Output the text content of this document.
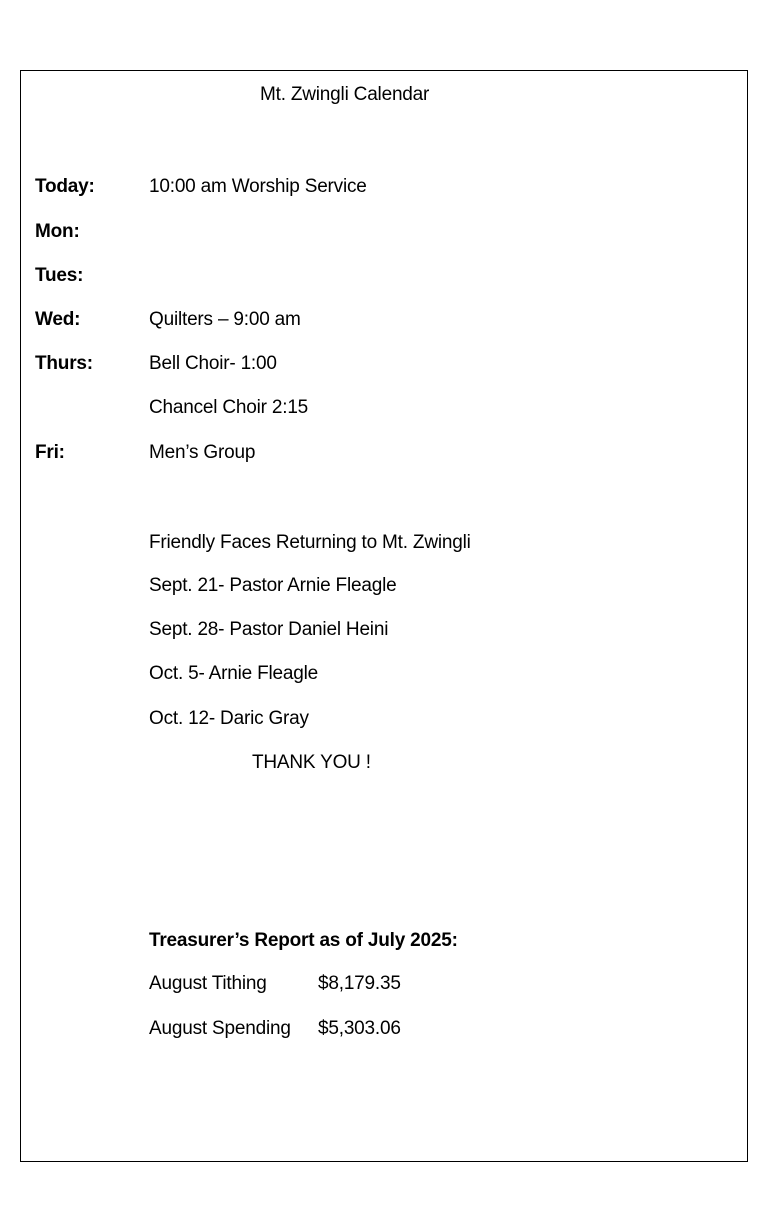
Mt. Zwingli Calendar
Today:	10:00 am Worship Service
Mon:
Tues:
Wed:	Quilters – 9:00 am
Thurs:	Bell Choir- 1:00
Chancel Choir 2:15
Fri:	Men’s Group
Friendly Faces Returning to Mt. Zwingli
Sept. 21- Pastor Arnie Fleagle
Sept. 28- Pastor Daniel Heini
Oct. 5- Arnie Fleagle
Oct. 12- Daric Gray
THANK YOU !
Treasurer’s Report as of July 2025:
August Tithing	$8,179.35
August Spending $5,303.06
